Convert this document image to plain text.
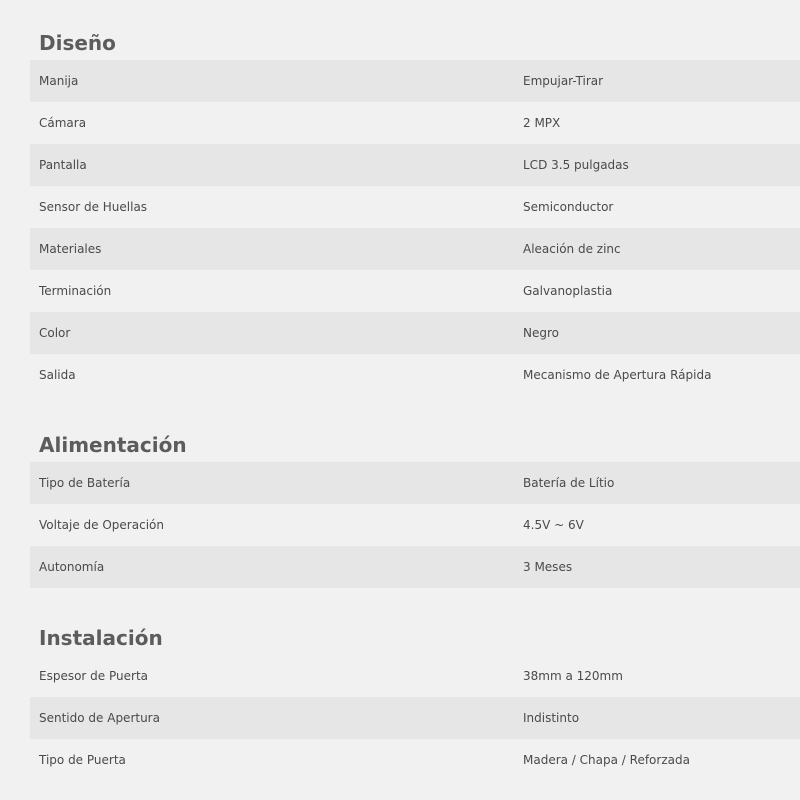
Diseño
Manija	Empujar-Tirar
Cámara	2 MPX
Pantalla	LCD 3.5 pulgadas
Sensor de Huellas	Semiconductor
Materiales	Aleación de zinc
Terminación	Galvanoplastia
Color	Negro
Salida	Mecanismo de Apertura Rápida
Alimentación
Tipo de Batería	Batería de Lítio
Voltaje de Operación	4.5V ~ 6V
Autonomía	3 Meses
Instalación
Espesor de Puerta	38mm a 120mm
Sentido de Apertura	Indistinto
Tipo de Puerta	Madera / Chapa / Reforzada
